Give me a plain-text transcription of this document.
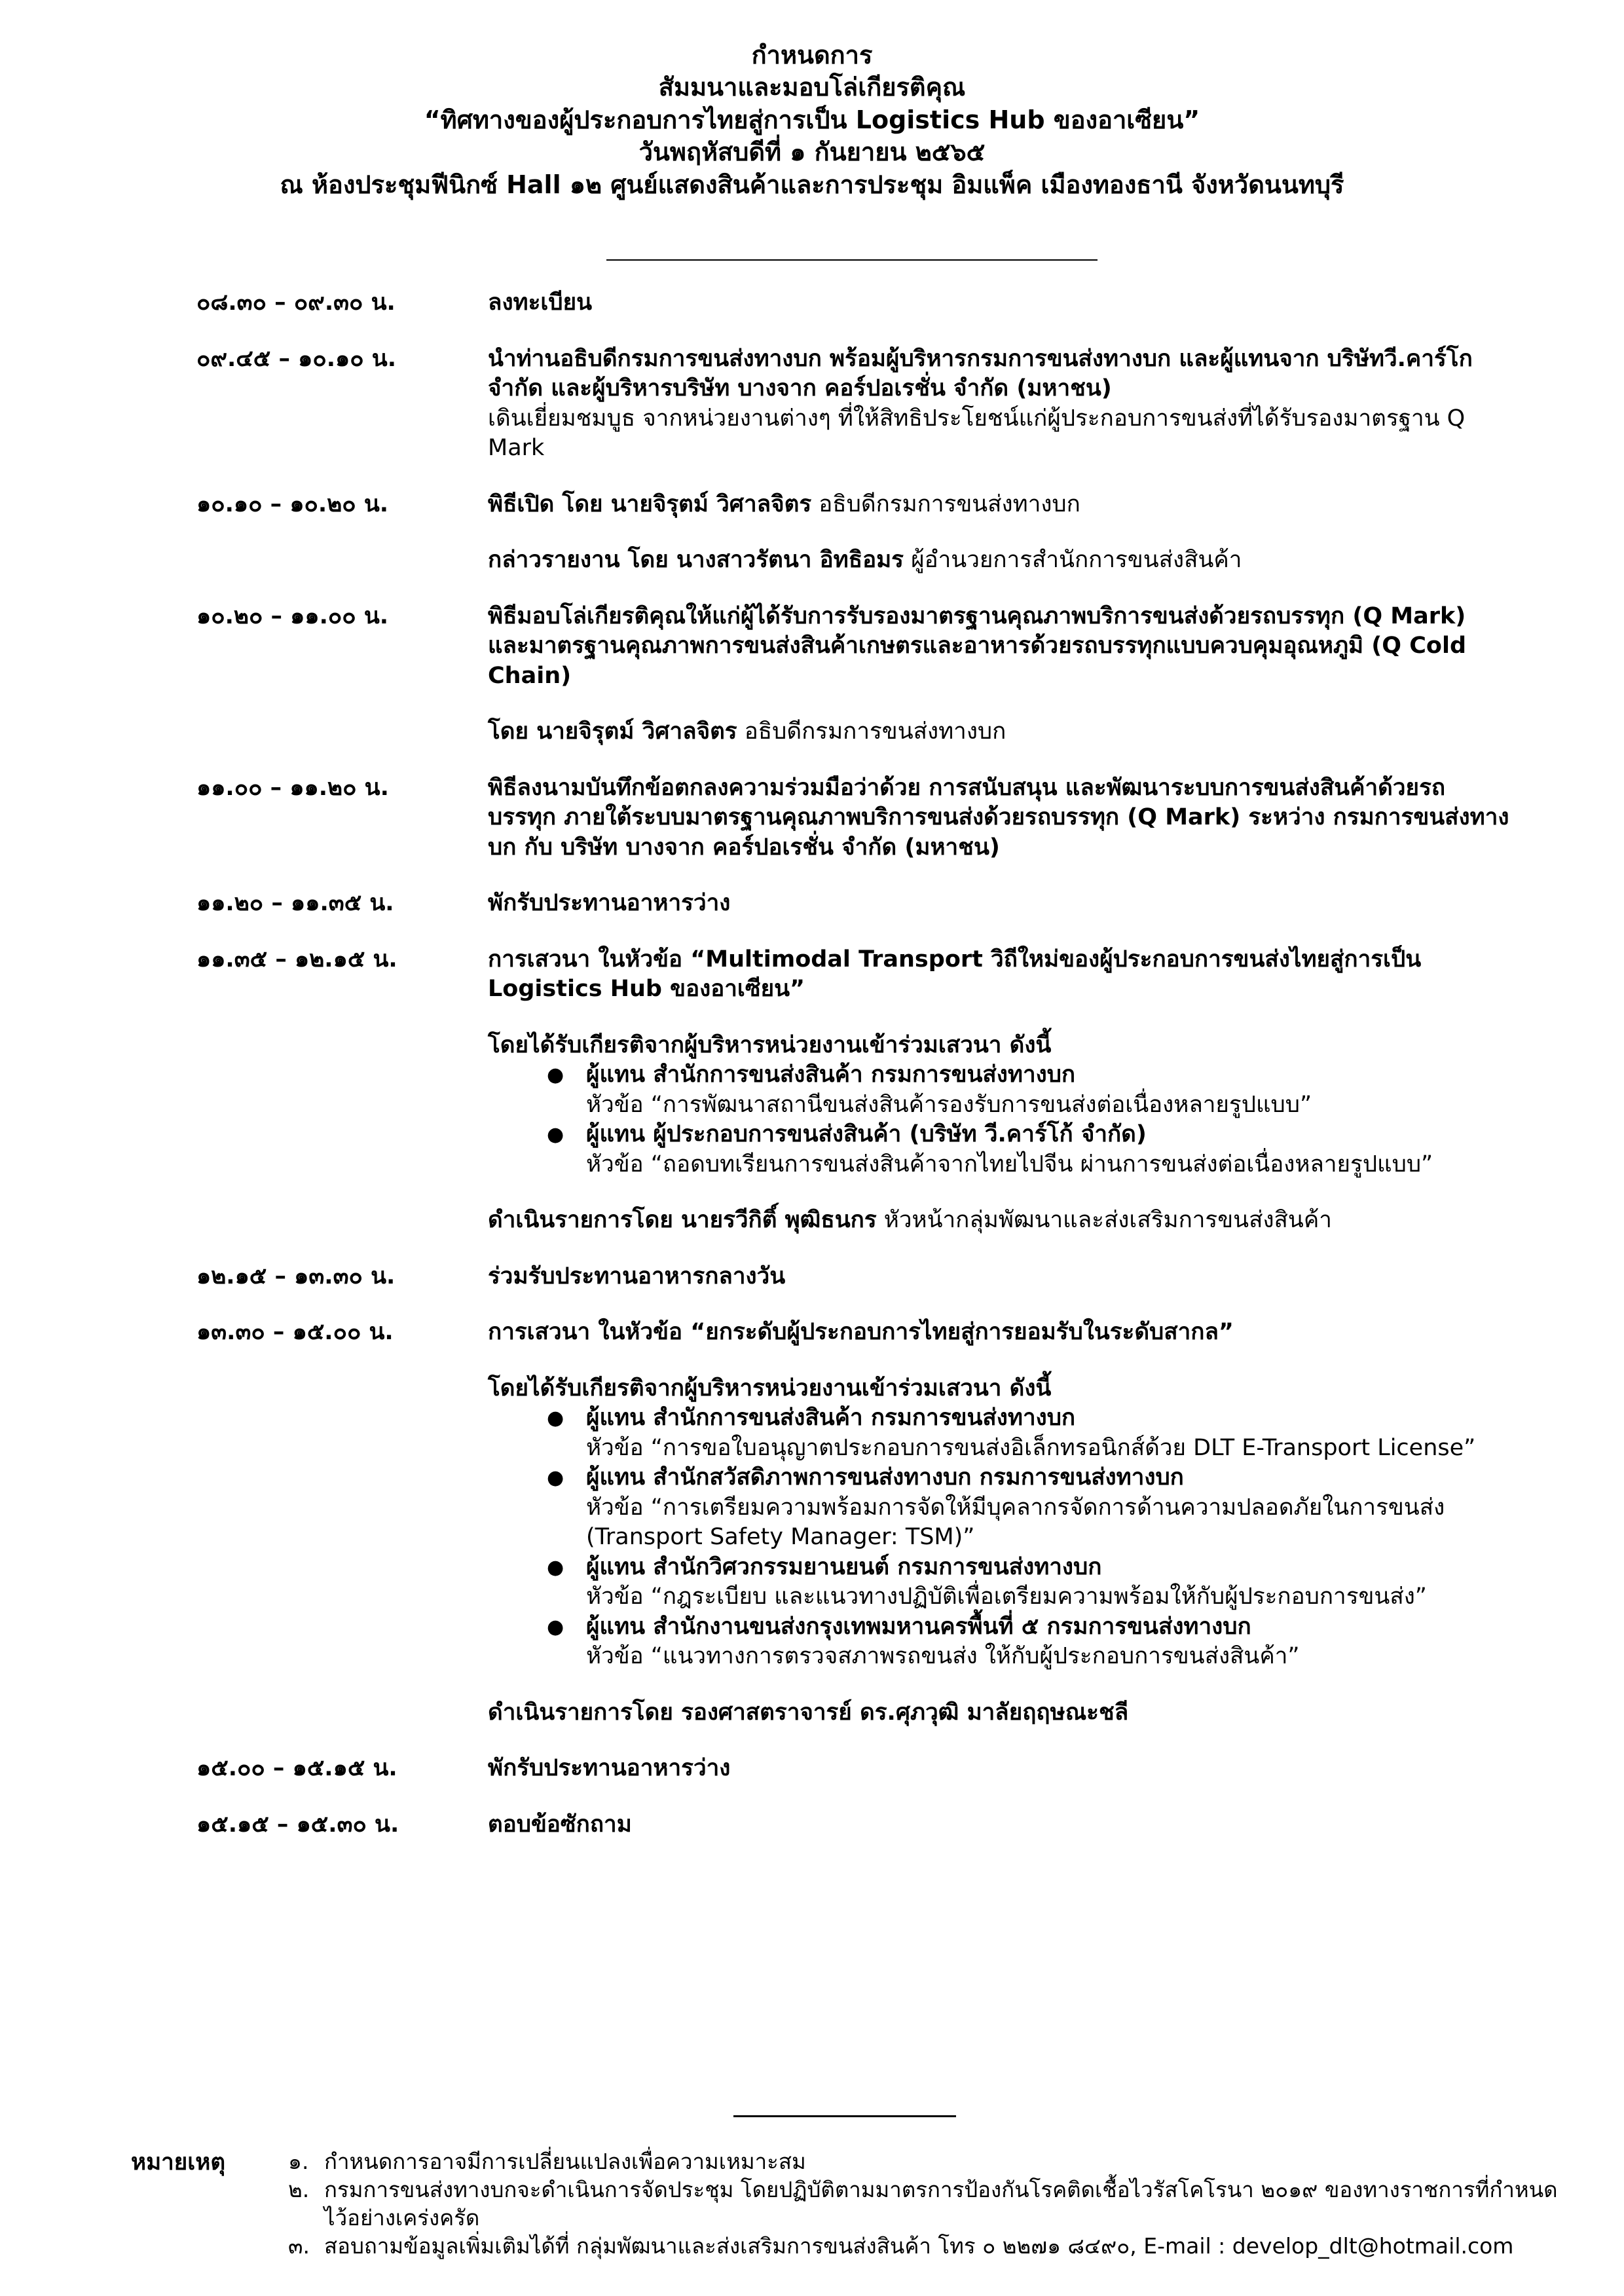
กำหนดการ
สัมมนาและมอบโล่เกียรติคุณ
“ทิศทางของผู้ประกอบการไทยสู่การเป็น Logistics Hub ของอาเซียน”
วันพฤหัสบดีที่ ๑ กันยายน ๒๕๖๕
ณ ห้องประชุมฟีนิกซ์ Hall ๑๒ ศูนย์แสดงสินค้าและการประชุม อิมแพ็ค เมืองทองธานี จังหวัดนนทบุรี
๐๘.๓๐ – ๐๙.๓๐ น.	ลงทะเบียน
๐๙.๔๕ – ๑๐.๑๐ น.	นำท่านอธิบดีกรมการขนส่งทางบก พร้อมผู้บริหารกรมการขนส่งทางบก และผู้แทนจาก บริษัทวี.คาร์โก จำกัด และผู้บริหารบริษัท บางจาก คอร์ปอเรชั่น จำกัด (มหาชน)
เดินเยี่ยมชมบูธ จากหน่วยงานต่างๆ ที่ให้สิทธิประโยชน์แก่ผู้ประกอบการขนส่งที่ได้รับรองมาตรฐาน Q Mark
๑๐.๑๐ – ๑๐.๒๐ น.	พิธีเปิด โดย นายจิรุตม์ วิศาลจิตร อธิบดีกรมการขนส่งทางบก
กล่าวรายงาน โดย นางสาวรัตนา อิทธิอมร ผู้อำนวยการสำนักการขนส่งสินค้า
๑๐.๒๐ – ๑๑.๐๐ น.	พิธีมอบโล่เกียรติคุณให้แก่ผู้ได้รับการรับรองมาตรฐานคุณภาพบริการขนส่งด้วยรถบรรทุก (Q Mark) และมาตรฐานคุณภาพการขนส่งสินค้าเกษตรและอาหารด้วยรถบรรทุกแบบควบคุมอุณหภูมิ (Q Cold Chain)
โดย นายจิรุตม์ วิศาลจิตร อธิบดีกรมการขนส่งทางบก
๑๑.๐๐ – ๑๑.๒๐ น.	พิธีลงนามบันทึกข้อตกลงความร่วมมือว่าด้วย การสนับสนุน และพัฒนาระบบการขนส่งสินค้าด้วยรถบรรทุก ภายใต้ระบบมาตรฐานคุณภาพบริการขนส่งด้วยรถบรรทุก (Q Mark) ระหว่าง กรมการขนส่งทางบก กับ บริษัท บางจาก คอร์ปอเรชั่น จำกัด (มหาชน)
๑๑.๒๐ – ๑๑.๓๕ น.	พักรับประทานอาหารว่าง
๑๑.๓๕ – ๑๒.๑๕ น.	การเสวนา ในหัวข้อ “Multimodal Transport วิถีใหม่ของผู้ประกอบการขนส่งไทยสู่การเป็น Logistics Hub ของอาเซียน”
โดยได้รับเกียรติจากผู้บริหารหน่วยงานเข้าร่วมเสวนา ดังนี้
● ผู้แทน สำนักการขนส่งสินค้า กรมการขนส่งทางบก
หัวข้อ “การพัฒนาสถานีขนส่งสินค้ารองรับการขนส่งต่อเนื่องหลายรูปแบบ”
● ผู้แทน ผู้ประกอบการขนส่งสินค้า (บริษัท วี.คาร์โก้ จำกัด)
หัวข้อ “ถอดบทเรียนการขนส่งสินค้าจากไทยไปจีน ผ่านการขนส่งต่อเนื่องหลายรูปแบบ”
ดำเนินรายการโดย นายรวีกิติ์ พุฒิธนกร หัวหน้ากลุ่มพัฒนาและส่งเสริมการขนส่งสินค้า
๑๒.๑๕ – ๑๓.๓๐ น.	ร่วมรับประทานอาหารกลางวัน
๑๓.๓๐ – ๑๕.๐๐ น.	การเสวนา ในหัวข้อ “ยกระดับผู้ประกอบการไทยสู่การยอมรับในระดับสากล”
โดยได้รับเกียรติจากผู้บริหารหน่วยงานเข้าร่วมเสวนา ดังนี้
● ผู้แทน สำนักการขนส่งสินค้า กรมการขนส่งทางบก
หัวข้อ “การขอใบอนุญาตประกอบการขนส่งอิเล็กทรอนิกส์ด้วย DLT E-Transport License”
● ผู้แทน สำนักสวัสดิภาพการขนส่งทางบก กรมการขนส่งทางบก
หัวข้อ “การเตรียมความพร้อมการจัดให้มีบุคลากรจัดการด้านความปลอดภัยในการขนส่ง (Transport Safety Manager: TSM)”
● ผู้แทน สำนักวิศวกรรมยานยนต์ กรมการขนส่งทางบก
หัวข้อ “กฎระเบียบ และแนวทางปฏิบัติเพื่อเตรียมความพร้อมให้กับผู้ประกอบการขนส่ง”
● ผู้แทน สำนักงานขนส่งกรุงเทพมหานครพื้นที่ ๕ กรมการขนส่งทางบก
หัวข้อ “แนวทางการตรวจสภาพรถขนส่ง ให้กับผู้ประกอบการขนส่งสินค้า”
ดำเนินรายการโดย รองศาสตราจารย์ ดร.ศุภวุฒิ มาลัยฤฤษณะชลี
๑๕.๐๐ – ๑๕.๑๕ น.	พักรับประทานอาหารว่าง
๑๕.๑๕ – ๑๕.๓๐ น.	ตอบข้อซักถาม
หมายเหตุ	๑. กำหนดการอาจมีการเปลี่ยนแปลงเพื่อความเหมาะสม
๒. กรมการขนส่งทางบกจะดำเนินการจัดประชุม โดยปฏิบัติตามมาตรการป้องกันโรคติดเชื้อไวรัสโคโรนา ๒๐๑๙ ของทางราชการที่กำหนดไว้อย่างเคร่งครัด
๓. สอบถามข้อมูลเพิ่มเติมได้ที่ กลุ่มพัฒนาและส่งเสริมการขนส่งสินค้า โทร ๐ ๒๒๗๑ ๘๔๙๐, E-mail : develop_dlt@hotmail.com
